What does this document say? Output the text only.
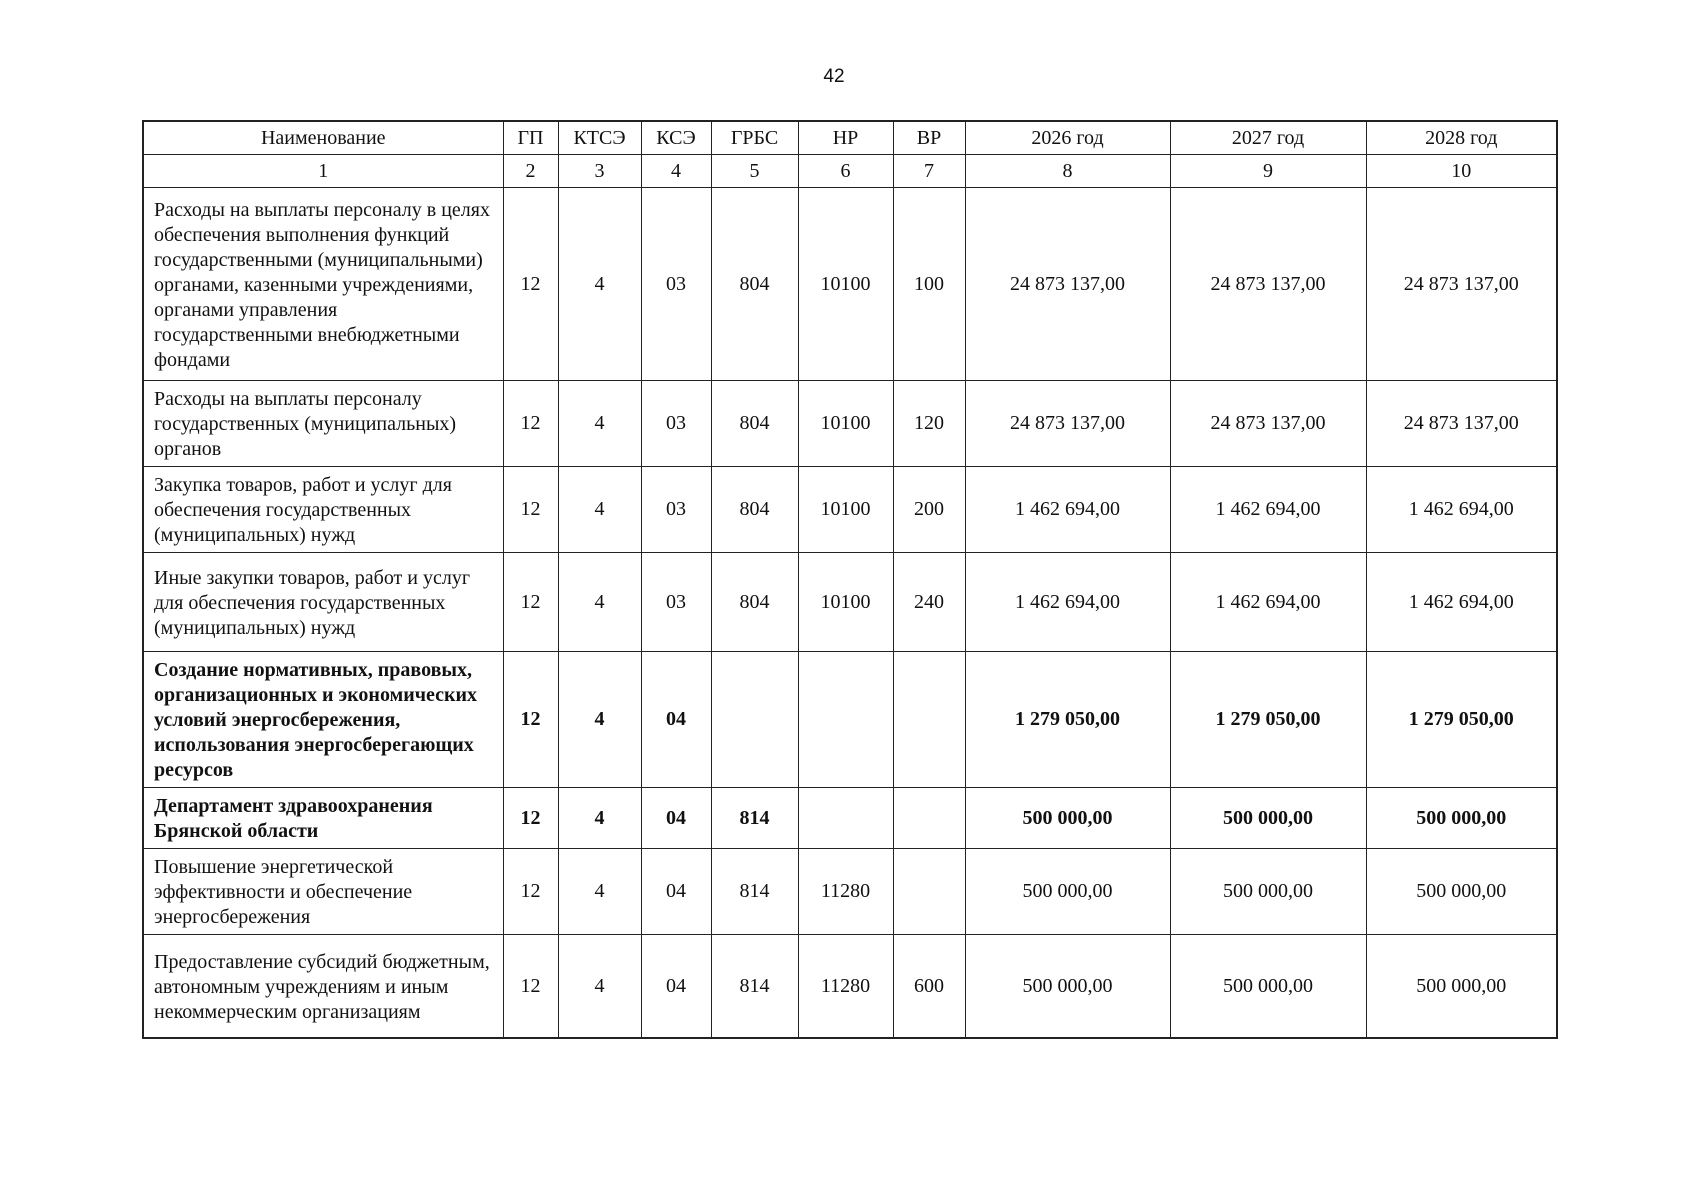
42
Наименование	ГП	КТСЭ	КСЭ	ГРБС	НР	ВР	2026 год	2027 год	2028 год
1	2	3	4	5	6	7	8	9	10
Расходы на выплаты персоналу в целях обеспечения выполнения функций государственными (муниципальными) органами, казенными учреждениями, органами управления государственными внебюджетными фондами	12	4	03	804	10100	100	24 873 137,00	24 873 137,00	24 873 137,00
Расходы на выплаты персоналу государственных (муниципальных) органов	12	4	03	804	10100	120	24 873 137,00	24 873 137,00	24 873 137,00
Закупка товаров, работ и услуг для обеспечения государственных (муниципальных) нужд	12	4	03	804	10100	200	1 462 694,00	1 462 694,00	1 462 694,00
Иные закупки товаров, работ и услуг для обеспечения государственных (муниципальных) нужд	12	4	03	804	10100	240	1 462 694,00	1 462 694,00	1 462 694,00
Создание нормативных, правовых, организационных и экономических условий энергосбережения, использования энергосберегающих ресурсов	12	4	04				1 279 050,00	1 279 050,00	1 279 050,00
Департамент здравоохранения Брянской области	12	4	04	814			500 000,00	500 000,00	500 000,00
Повышение энергетической эффективности и обеспечение энергосбережения	12	4	04	814	11280		500 000,00	500 000,00	500 000,00
Предоставление субсидий бюджетным, автономным учреждениям и иным некоммерческим организациям	12	4	04	814	11280	600	500 000,00	500 000,00	500 000,00
